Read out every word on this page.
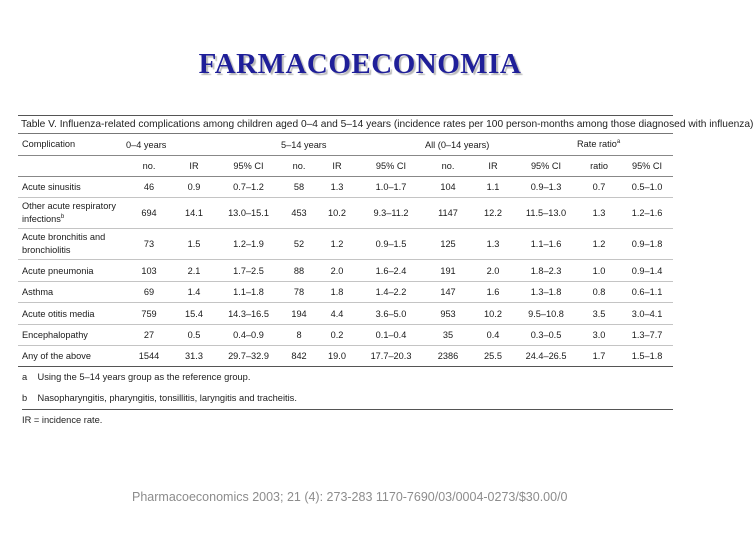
FARMACOECONOMIA
Table V. Influenza-related complications among children aged 0–4 and 5–14 years (incidence rates per 100 person-months among those diagnosed with influenza)
Complication	0–4 years			5–14 years			All (0–14 years)			Rate ratio$^a$
	no.	IR	95% CI	no.	IR	95% CI	no.	IR	95% CI	ratio	95% CI
Acute sinusitis	46	0.9	0.7–1.2	58	1.3	1.0–1.7	104	1.1	0.9–1.3	0.7	0.5–1.0
Other acute respiratory infections$^b$	694	14.1	13.0–15.1	453	10.2	9.3–11.2	1147	12.2	11.5–13.0	1.3	1.2–1.6
Acute bronchitis and bronchiolitis	73	1.5	1.2–1.9	52	1.2	0.9–1.5	125	1.3	1.1–1.6	1.2	0.9–1.8
Acute pneumonia	103	2.1	1.7–2.5	88	2.0	1.6–2.4	191	2.0	1.8–2.3	1.0	0.9–1.4
Asthma	69	1.4	1.1–1.8	78	1.8	1.4–2.2	147	1.6	1.3–1.8	0.8	0.6–1.1
Acute otitis media	759	15.4	14.3–16.5	194	4.4	3.6–5.0	953	10.2	9.5–10.8	3.5	3.0–4.1
Encephalopathy	27	0.5	0.4–0.9	8	0.2	0.1–0.4	35	0.4	0.3–0.5	3.0	1.3–7.7
Any of the above	1544	31.3	29.7–32.9	842	19.0	17.7–20.3	2386	25.5	24.4–26.5	1.7	1.5–1.8
a    Using the 5–14 years group as the reference group.
b    Nasopharyngitis, pharyngitis, tonsillitis, laryngitis and tracheitis.
IR = incidence rate.
Pharmacoeconomics 2003; 21 (4): 273-283 1170-7690/03/0004-0273/$30.00/0
